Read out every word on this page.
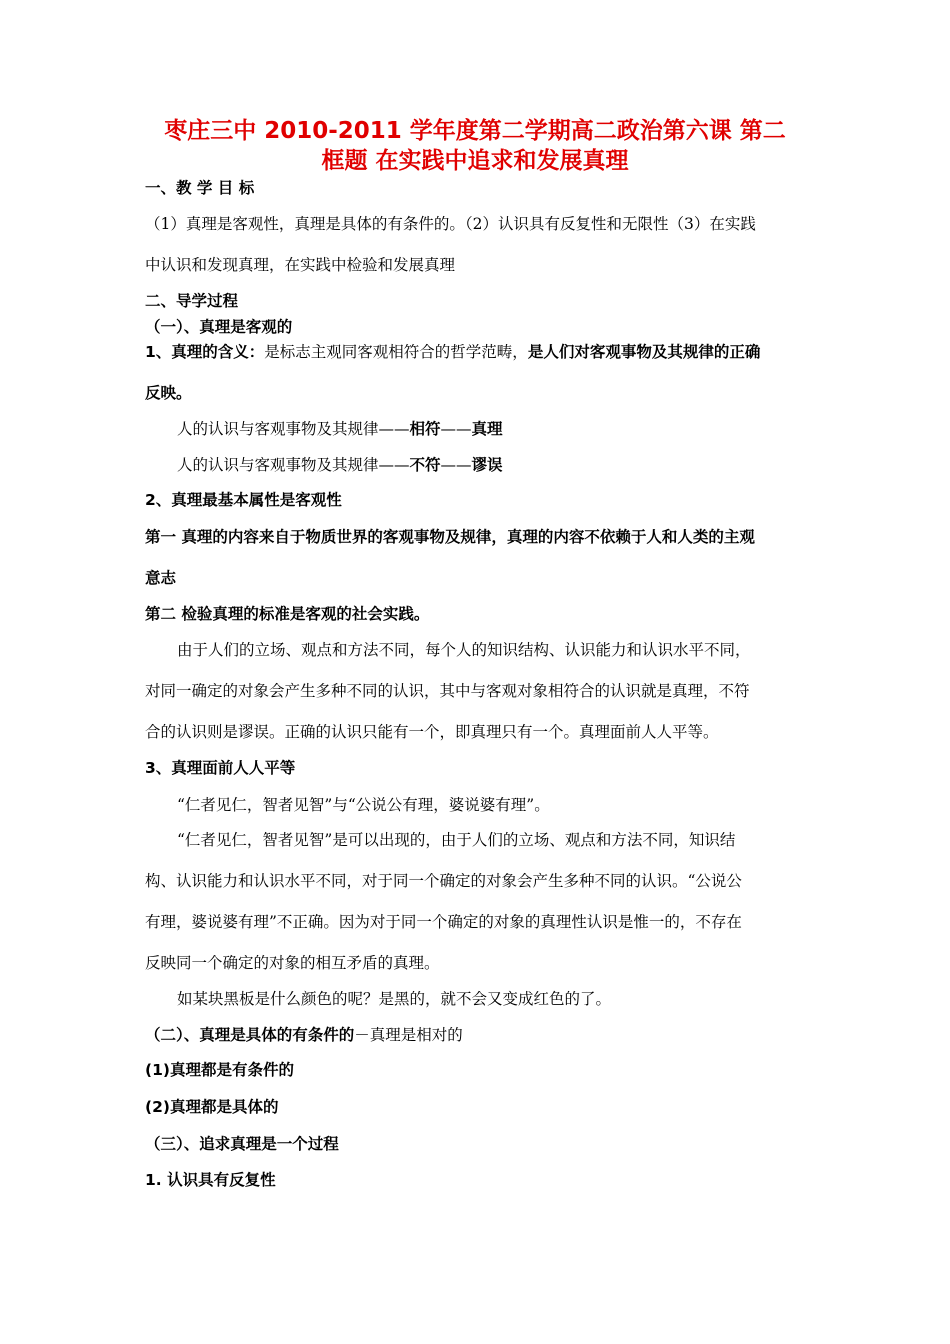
枣庄三中 2010-2011 学年度第二学期高二政治第六课 第二
框题 在实践中追求和发展真理
一、教 学 目 标
（1）真理是客观性，真理是具体的有条件的。（2）认识具有反复性和无限性（3）在实践
中认识和发现真理，在实践中检验和发展真理
二、导学过程
（一）、真理是客观的
1、真理的含义：是标志主观同客观相符合的哲学范畴，是人们对客观事物及其规律的正确
反映。
人的认识与客观事物及其规律——相符——真理
人的认识与客观事物及其规律——不符——谬误
2、真理最基本属性是客观性
第一 真理的内容来自于物质世界的客观事物及规律，真理的内容不依赖于人和人类的主观
意志
第二 检验真理的标准是客观的社会实践。
由于人们的立场、观点和方法不同，每个人的知识结构、认识能力和认识水平不同，
对同一确定的对象会产生多种不同的认识，其中与客观对象相符合的认识就是真理，不符
合的认识则是谬误。正确的认识只能有一个，即真理只有一个。真理面前人人平等。
3、真理面前人人平等
“仁者见仁，智者见智”与“公说公有理，婆说婆有理”。
“仁者见仁，智者见智”是可以出现的，由于人们的立场、观点和方法不同，知识结
构、认识能力和认识水平不同，对于同一个确定的对象会产生多种不同的认识。“公说公
有理，婆说婆有理”不正确。因为对于同一个确定的对象的真理性认识是惟一的，不存在
反映同一个确定的对象的相互矛盾的真理。
如某块黑板是什么颜色的呢？是黑的，就不会又变成红色的了。
（二）、真理是具体的有条件的－真理是相对的
(1)真理都是有条件的
(2)真理都是具体的
（三）、追求真理是一个过程
1. 认识具有反复性
